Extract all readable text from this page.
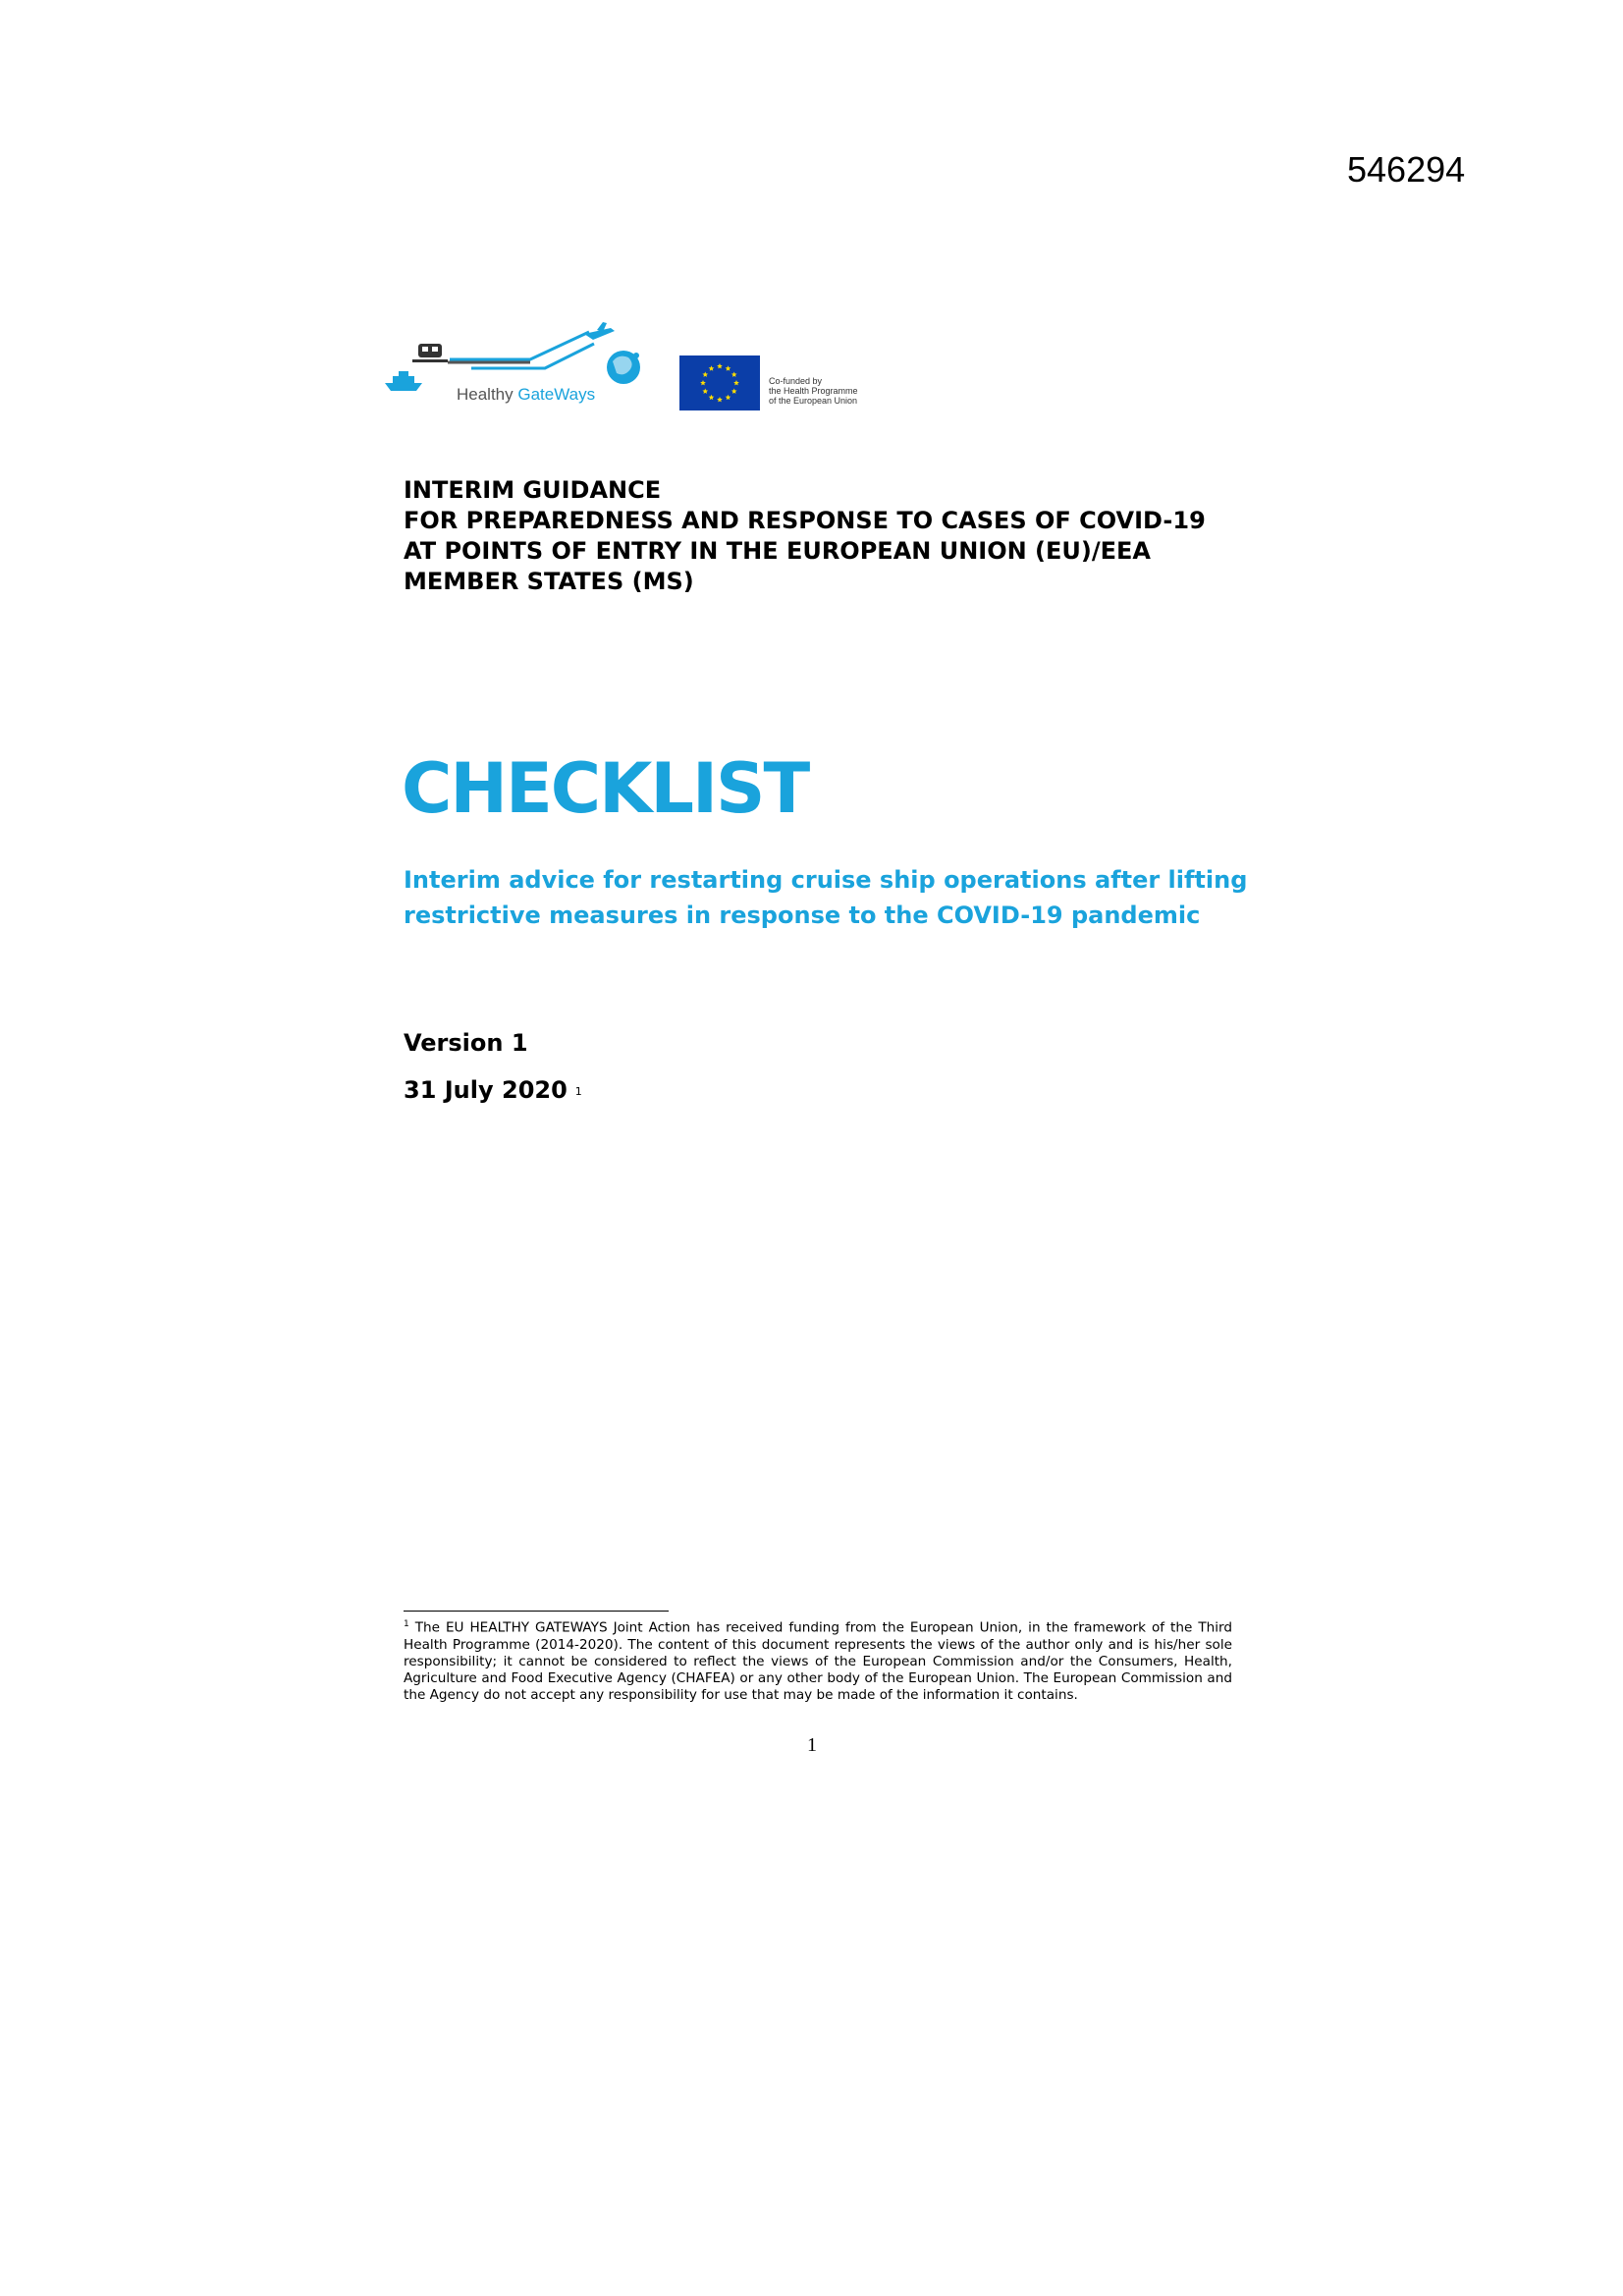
546294
Healthy GateWays
Co-funded by
the Health Programme
of the European Union
INTERIM GUIDANCE
FOR PREPAREDNESS AND RESPONSE TO CASES OF COVID-19
AT POINTS OF ENTRY IN THE EUROPEAN UNION (EU)/EEA
MEMBER STATES (MS)
CHECKLIST
Interim advice for restarting cruise ship operations after lifting
restrictive measures in response to the COVID-19 pandemic
Version 1
31 July 2020 1
$^1$ The EU HEALTHY GATEWAYS Joint Action has received funding from the European Union, in the framework of the Third Health Programme (2014-2020). The content of this document represents the views of the author only and is his/her sole responsibility; it cannot be considered to reflect the views of the European Commission and/or the Consumers, Health, Agriculture and Food Executive Agency (CHAFEA) or any other body of the European Union. The European Commission and the Agency do not accept any responsibility for use that may be made of the information it contains.
1
